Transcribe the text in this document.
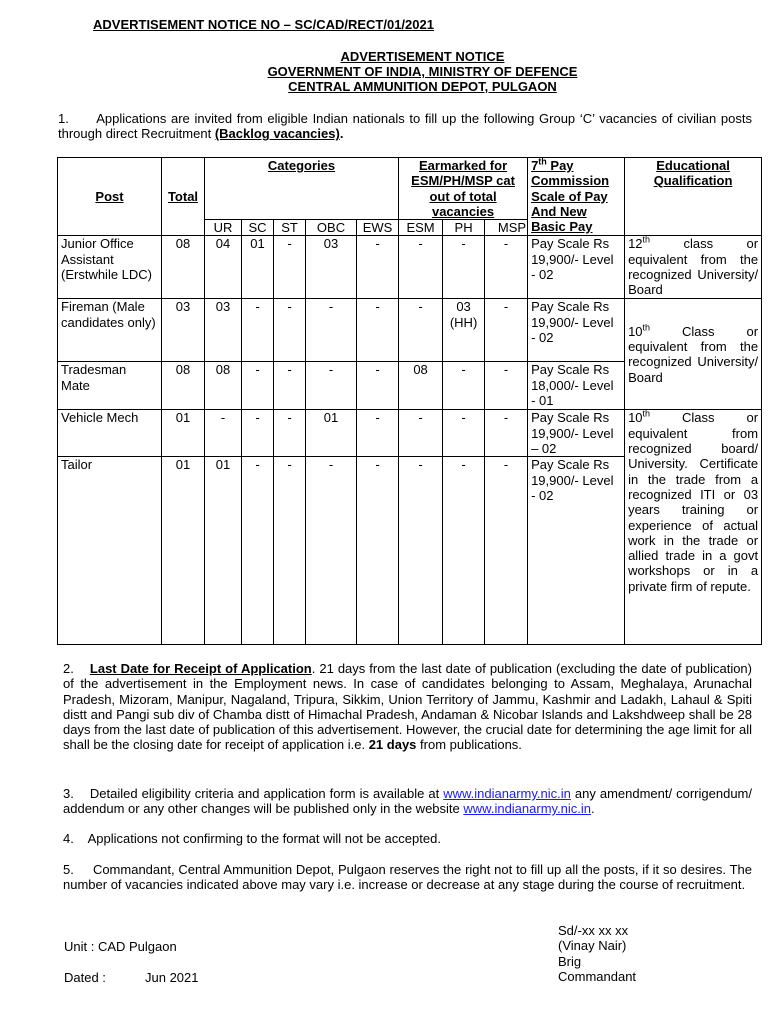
ADVERTISEMENT NOTICE NO – SC/CAD/RECT/01/2021
ADVERTISEMENT NOTICE
GOVERNMENT OF INDIA, MINISTRY OF DEFENCE
CENTRAL AMMUNITION DEPOT, PULGAON
1. Applications are invited from eligible Indian nationals to fill up the following Group ‘C’ vacancies of civilian posts through direct Recruitment (Backlog vacancies).
Post	Total	Categories					Earmarked for ESM/PH/MSP cat out of total vacancies			7th Pay Commission Scale of Pay And New Basic Pay	Educational Qualification
		UR	SC	ST	OBC	EWS	ESM	PH	MSP		
Junior Office Assistant (Erstwhile LDC)	08	04	01	-	03	-	-	-	-	Pay Scale Rs 19,900/- Level - 02	12th class or equivalent from the recognized University/ Board
Fireman (Male candidates only)	03	03	-	-	-	-	-	03 (HH)	-	Pay Scale Rs 19,900/- Level - 02	10th Class or equivalent from the recognized University/ Board
Tradesman Mate	08	08	-	-	-	-	08	-	-	Pay Scale Rs 18,000/- Level - 01	
Vehicle Mech	01	-	-	-	01	-	-	-	-	Pay Scale Rs 19,900/- Level – 02	10th Class or equivalent from recognized board/ University. Certificate in the trade from a recognized ITI or 03 years training or experience of actual work in the trade or allied trade in a govt workshops or in a private firm of repute.
Tailor	01	01	-	-	-	-	-	-	-	Pay Scale Rs 19,900/- Level - 02	
2. Last Date for Receipt of Application. 21 days from the last date of publication (excluding the date of publication) of the advertisement in the Employment news. In case of candidates belonging to Assam, Meghalaya, Arunachal Pradesh, Mizoram, Manipur, Nagaland, Tripura, Sikkim, Union Territory of Jammu, Kashmir and Ladakh, Lahaul & Spiti distt and Pangi sub div of Chamba distt of Himachal Pradesh, Andaman & Nicobar Islands and Lakshdweep shall be 28 days from the last date of publication of this advertisement. However, the crucial date for determining the age limit for all shall be the closing date for receipt of application i.e. 21 days from publications.
3. Detailed eligibility criteria and application form is available at www.indianarmy.nic.in any amendment/ corrigendum/ addendum or any other changes will be published only in the website www.indianarmy.nic.in.
4. Applications not confirming to the format will not be accepted.
5. Commandant, Central Ammunition Depot, Pulgaon reserves the right not to fill up all the posts, if it so desires. The number of vacancies indicated above may vary i.e. increase or decrease at any stage during the course of recruitment.
Sd/-xx xx xx
(Vinay Nair)
Brig
Commandant
Unit : CAD Pulgaon
Dated :	Jun 2021
